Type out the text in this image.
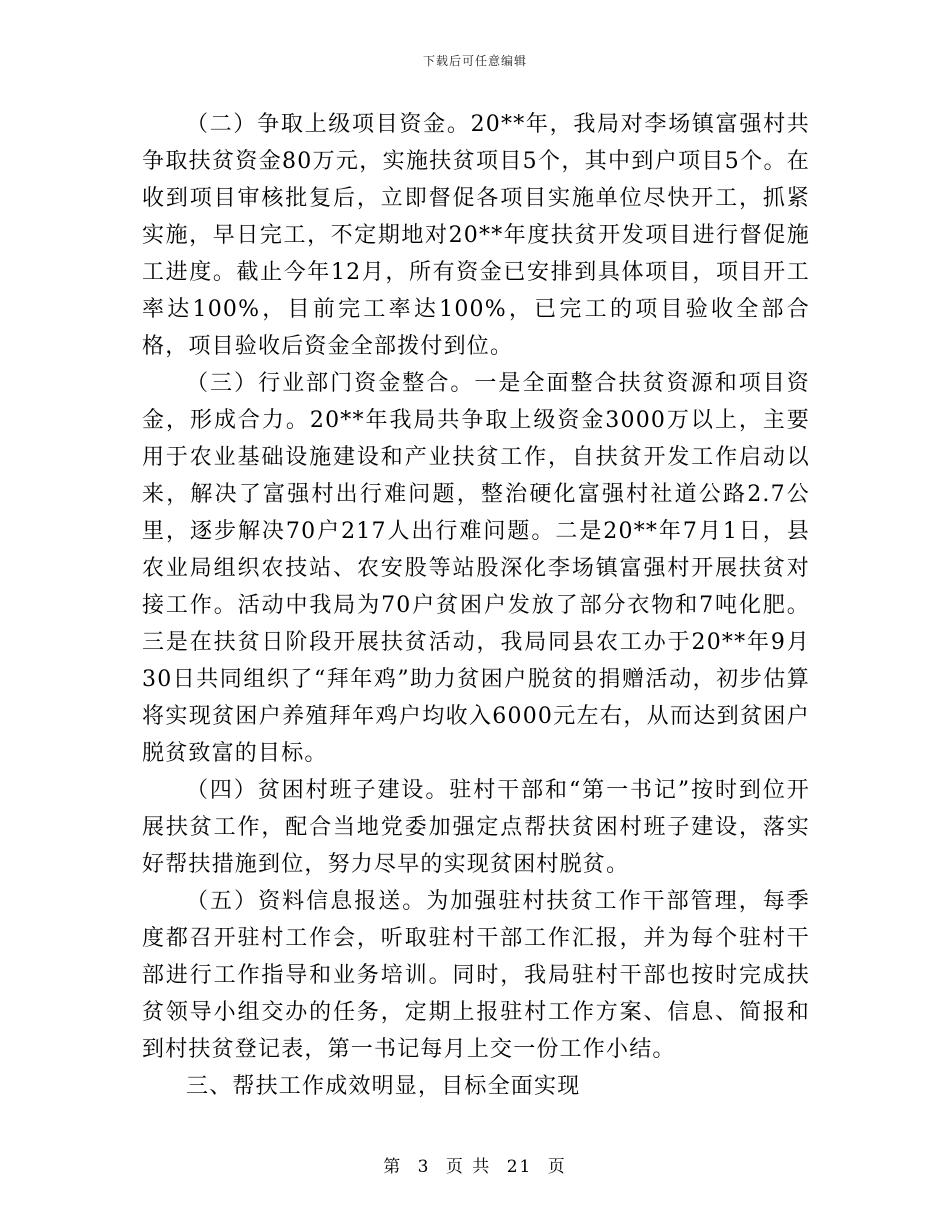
下载后可任意编辑

（二）争取上级项目资金。20**年，我局对李场镇富强村共争取扶贫资金80万元，实施扶贫项目5个，其中到户项目5个。在收到项目审核批复后，立即督促各项目实施单位尽快开工，抓紧实施，早日完工，不定期地对20**年度扶贫开发项目进行督促施工进度。截止今年12月，所有资金已安排到具体项目，项目开工率达100%，目前完工率达100%，已完工的项目验收全部合格，项目验收后资金全部拨付到位。

（三）行业部门资金整合。一是全面整合扶贫资源和项目资金，形成合力。20**年我局共争取上级资金3000万以上，主要用于农业基础设施建设和产业扶贫工作，自扶贫开发工作启动以来，解决了富强村出行难问题，整治硬化富强村社道公路2.7公里，逐步解决70户217人出行难问题。二是20**年7月1日，县农业局组织农技站、农安股等站股深化李场镇富强村开展扶贫对接工作。活动中我局为70户贫困户发放了部分衣物和7吨化肥。三是在扶贫日阶段开展扶贫活动，我局同县农工办于20**年9月30日共同组织了“拜年鸡”助力贫困户脱贫的捐赠活动，初步估算将实现贫困户养殖拜年鸡户均收入6000元左右，从而达到贫困户脱贫致富的目标。

（四）贫困村班子建设。驻村干部和“第一书记”按时到位开展扶贫工作，配合当地党委加强定点帮扶贫困村班子建设，落实好帮扶措施到位，努力尽早的实现贫困村脱贫。

（五）资料信息报送。为加强驻村扶贫工作干部管理，每季度都召开驻村工作会，听取驻村干部工作汇报，并为每个驻村干部进行工作指导和业务培训。同时，我局驻村干部也按时完成扶贫领导小组交办的任务，定期上报驻村工作方案、信息、简报和到村扶贫登记表，第一书记每月上交一份工作小结。

三、帮扶工作成效明显，目标全面实现

第 3 页 共 21 页
